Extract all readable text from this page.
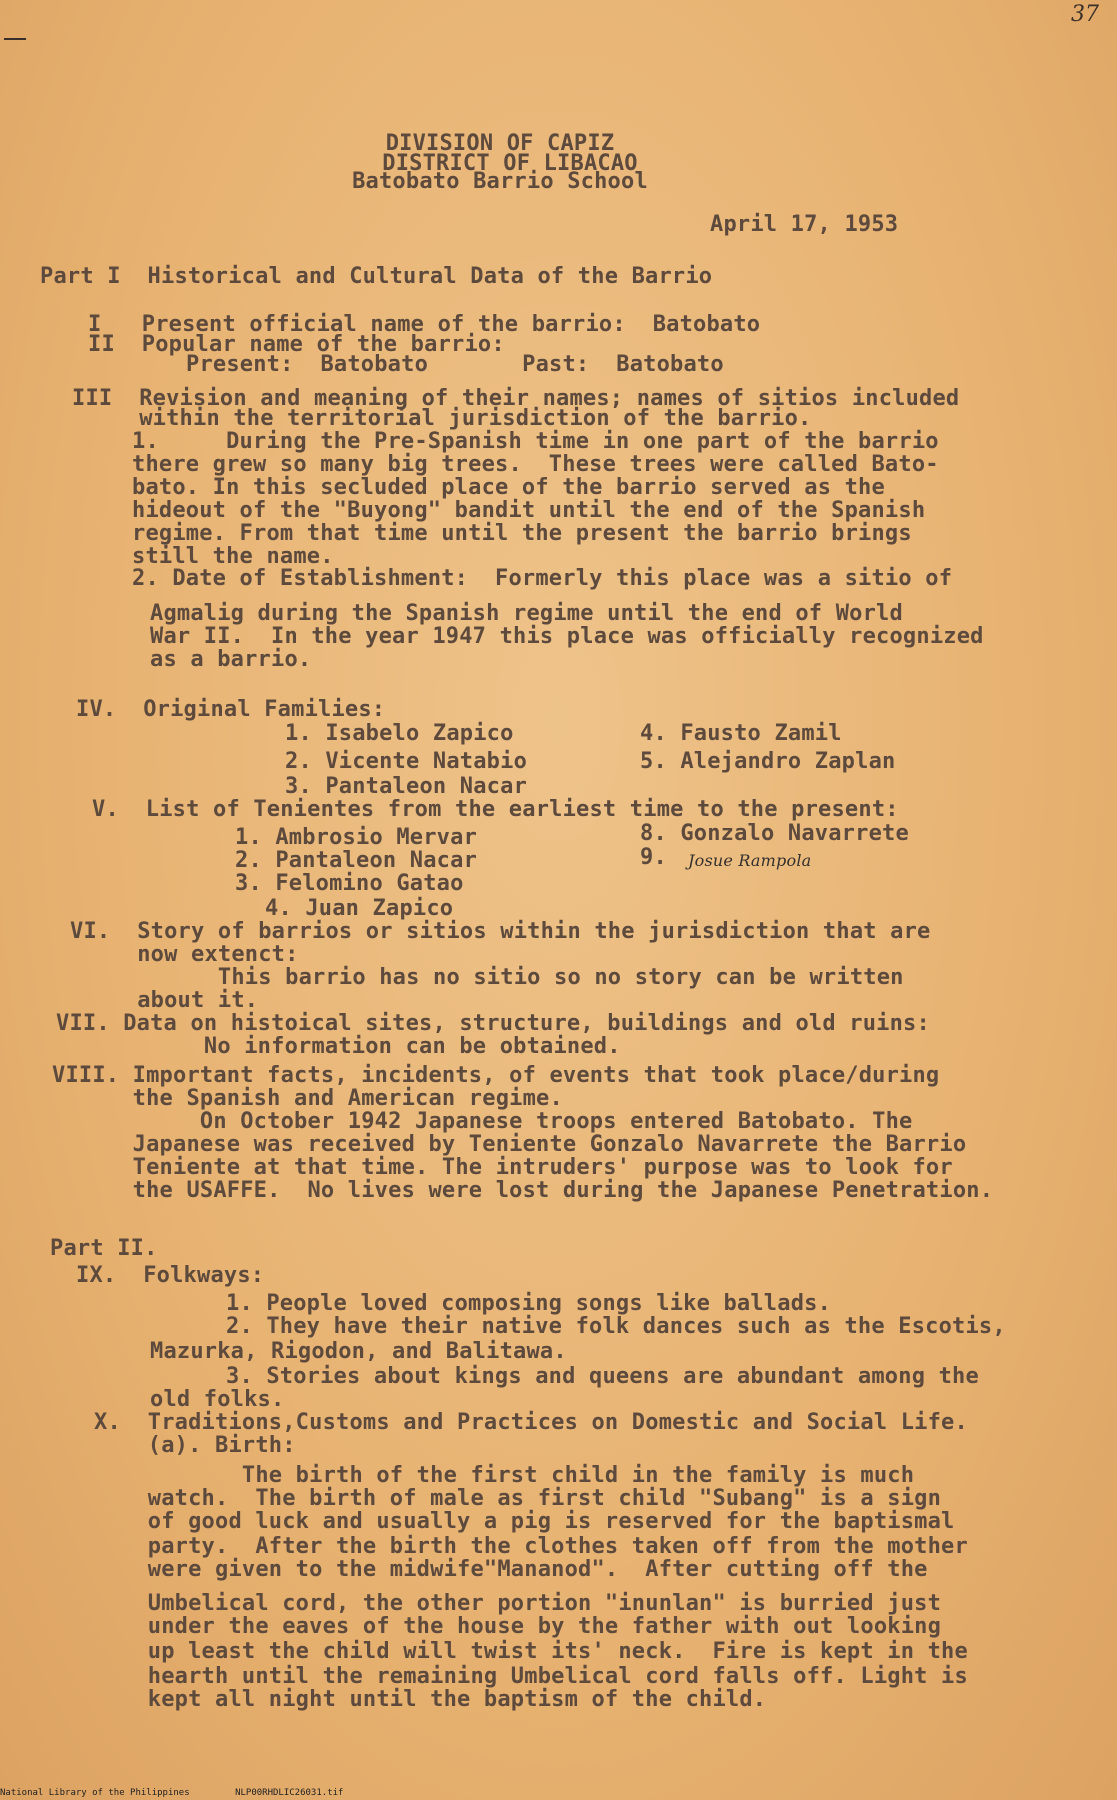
37
DIVISION OF CAPIZ
DISTRICT OF LIBACAO
Batobato Barrio School
April 17, 1953
Part I  Historical and Cultural Data of the Barrio
I   Present official name of the barrio:  Batobato
II  Popular name of the barrio:
Present:  Batobato       Past:  Batobato
III  Revision and meaning of their names; names of sitios included
within the territorial jurisdiction of the barrio.
1.     During the Pre-Spanish time in one part of the barrio
there grew so many big trees.  These trees were called Bato-
bato. In this secluded place of the barrio served as the
hideout of the "Buyong" bandit until the end of the Spanish
regime. From that time until the present the barrio brings
still the name.
2. Date of Establishment:  Formerly this place was a sitio of
Agmalig during the Spanish regime until the end of World
War II.  In the year 1947 this place was officially recognized
as a barrio.
IV.  Original Families:
1. Isabelo Zapico
2. Vicente Natabio
3. Pantaleon Nacar
4. Fausto Zamil
5. Alejandro Zaplan
V.  List of Tenientes from the earliest time to the present:
1. Ambrosio Mervar
2. Pantaleon Nacar
3. Felomino Gatao
4. Juan Zapico
8. Gonzalo Navarrete
9. Josue Rampola
VI.  Story of barrios or sitios within the jurisdiction that are
now extenct:
This barrio has no sitio so no story can be written
about it.
VII. Data on histoical sites, structure, buildings and old ruins:
No information can be obtained.
VIII. Important facts, incidents, of events that took place/during
the Spanish and American regime.
On October 1942 Japanese troops entered Batobato. The
Japanese was received by Teniente Gonzalo Navarrete the Barrio
Teniente at that time. The intruders' purpose was to look for
the USAFFE.  No lives were lost during the Japanese Penetration.
Part II.
IX.  Folkways:
1. People loved composing songs like ballads.
2. They have their native folk dances such as the Escotis,
Mazurka, Rigodon, and Balitawa.
3. Stories about kings and queens are abundant among the
old folks.
X.  Traditions,Customs and Practices on Domestic and Social Life.
(a). Birth:
The birth of the first child in the family is much
watch.  The birth of male as first child "Subang" is a sign
of good luck and usually a pig is reserved for the baptismal
party.  After the birth the clothes taken off from the mother
were given to the midwife"Mananod".  After cutting off the
Umbelical cord, the other portion "inunlan" is burried just
under the eaves of the house by the father with out looking
up least the child will twist its' neck.  Fire is kept in the
hearth until the remaining Umbelical cord falls off. Light is
kept all night until the baptism of the child.
National Library of the Philippines	NLP00RHDLIC26031.tif
